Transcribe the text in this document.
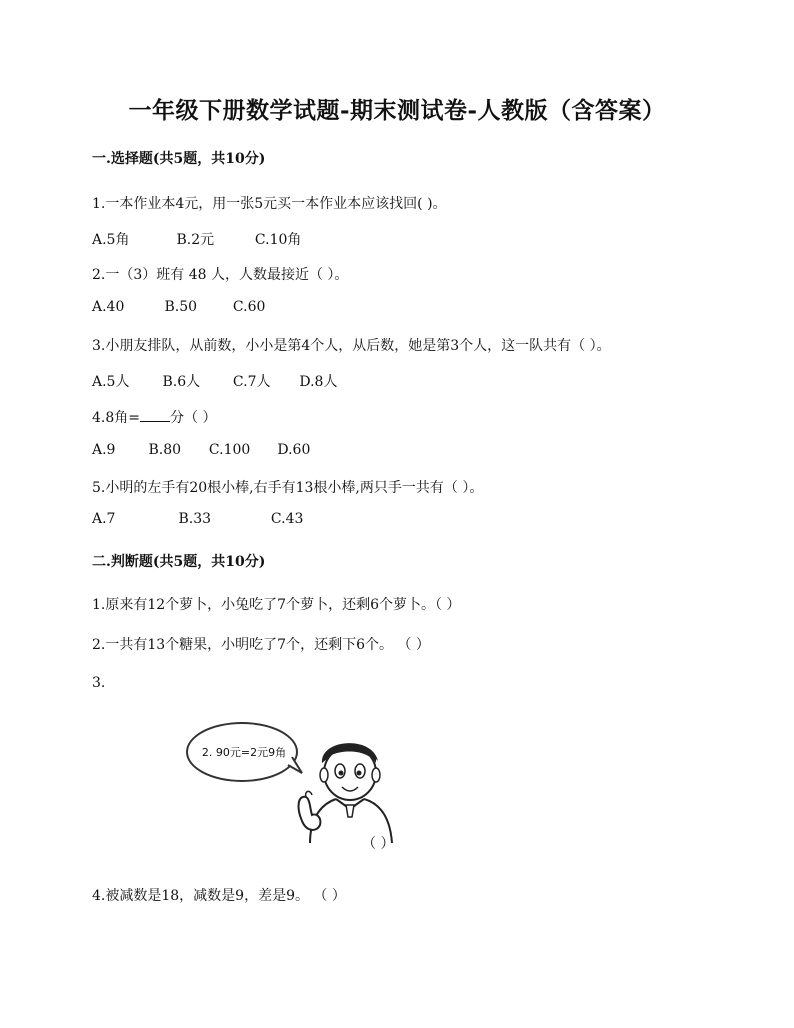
一年级下册数学试题-期末测试卷-人教版（含答案）
一.选择题(共5题，共10分)
1.一本作业本4元，用一张5元买一本作业本应该找回( )。
A.5角	B.2元	C.10角
2.一（3）班有 48 人，人数最接近（ ）。
A.40	B.50	C.60
3.小朋友排队，从前数，小小是第4个人，从后数，她是第3个人，这一队共有（ ）。
A.5人 B.6人 C.7人 D.8人
4.8角= 分（ ）
A.9 B.80 C.100 D.60
5.小明的左手有20根小棒,右手有13根小棒,两只手一共有（ ）。
A.7	B.33	C.43
二.判断题(共5题，共10分)
1.原来有12个萝卜，小兔吃了7个萝卜，还剩6个萝卜。（ ）
2.一共有13个糖果，小明吃了7个，还剩下6个。 （ ）
3.
2. 90元=2元9角
（ ）
4.被减数是18，减数是9，差是9。 （ ）
